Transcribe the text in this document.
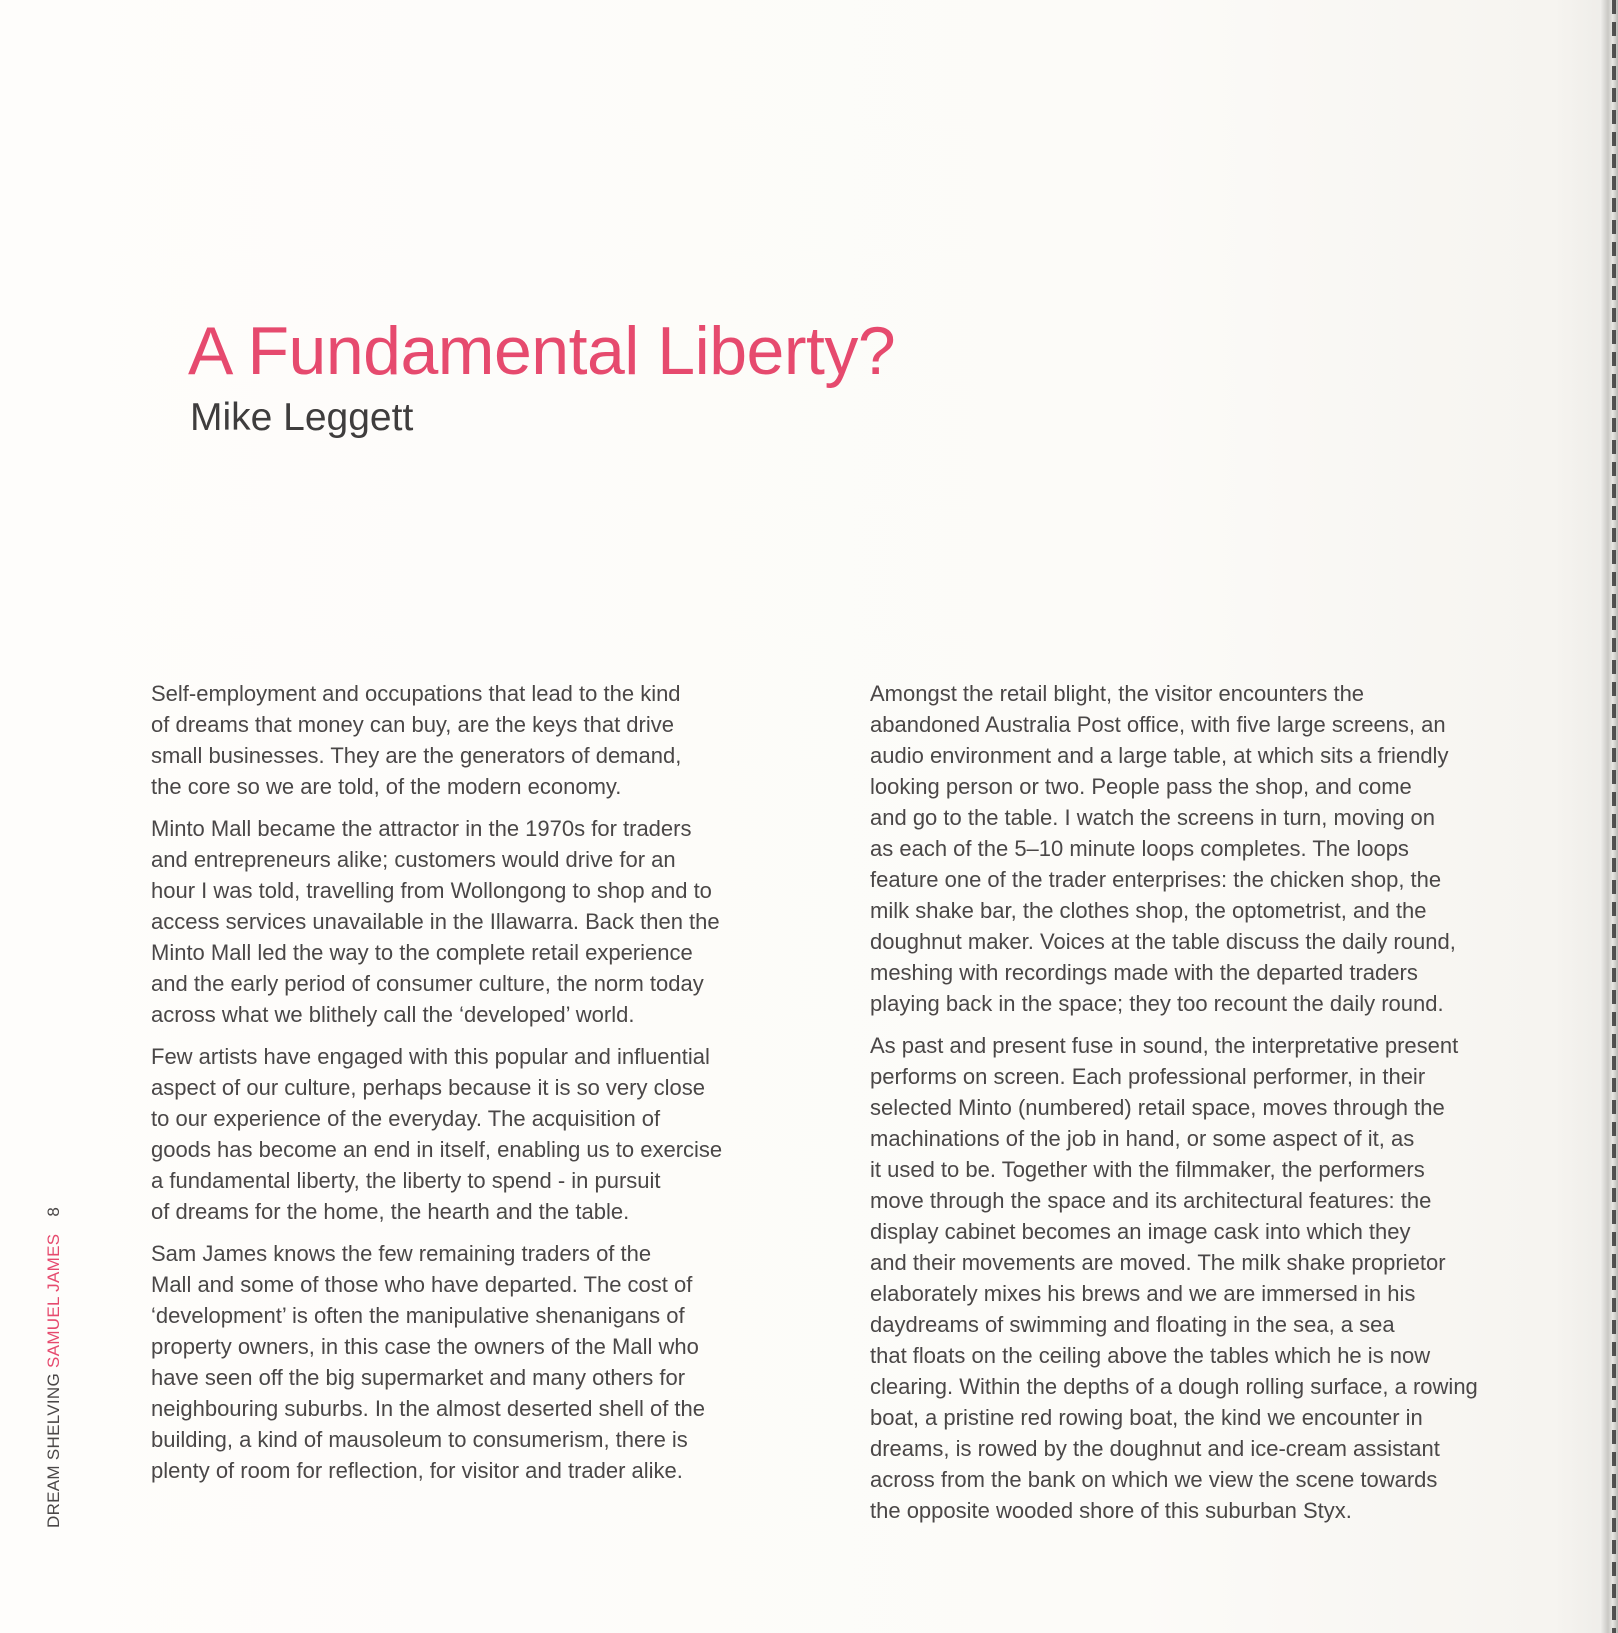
A Fundamental Liberty?
Mike Leggett

Self-employment and occupations that lead to the kind
of dreams that money can buy, are the keys that drive
small businesses. They are the generators of demand,
the core so we are told, of the modern economy.

Minto Mall became the attractor in the 1970s for traders
and entrepreneurs alike; customers would drive for an
hour I was told, travelling from Wollongong to shop and to
access services unavailable in the Illawarra. Back then the
Minto Mall led the way to the complete retail experience
and the early period of consumer culture, the norm today
across what we blithely call the ‘developed’ world.

Few artists have engaged with this popular and influential
aspect of our culture, perhaps because it is so very close
to our experience of the everyday. The acquisition of
goods has become an end in itself, enabling us to exercise
a fundamental liberty, the liberty to spend - in pursuit
of dreams for the home, the hearth and the table.

Sam James knows the few remaining traders of the
Mall and some of those who have departed. The cost of
‘development’ is often the manipulative shenanigans of
property owners, in this case the owners of the Mall who
have seen off the big supermarket and many others for
neighbouring suburbs. In the almost deserted shell of the
building, a kind of mausoleum to consumerism, there is
plenty of room for reflection, for visitor and trader alike.

Amongst the retail blight, the visitor encounters the
abandoned Australia Post office, with five large screens, an
audio environment and a large table, at which sits a friendly
looking person or two. People pass the shop, and come
and go to the table. I watch the screens in turn, moving on
as each of the 5–10 minute loops completes. The loops
feature one of the trader enterprises: the chicken shop, the
milk shake bar, the clothes shop, the optometrist, and the
doughnut maker. Voices at the table discuss the daily round,
meshing with recordings made with the departed traders
playing back in the space; they too recount the daily round.

As past and present fuse in sound, the interpretative present
performs on screen. Each professional performer, in their
selected Minto (numbered) retail space, moves through the
machinations of the job in hand, or some aspect of it, as
it used to be. Together with the filmmaker, the performers
move through the space and its architectural features: the
display cabinet becomes an image cask into which they
and their movements are moved. The milk shake proprietor
elaborately mixes his brews and we are immersed in his
daydreams of swimming and floating in the sea, a sea
that floats on the ceiling above the tables which he is now
clearing. Within the depths of a dough rolling surface, a rowing
boat, a pristine red rowing boat, the kind we encounter in
dreams, is rowed by the doughnut and ice-cream assistant
across from the bank on which we view the scene towards
the opposite wooded shore of this suburban Styx.

DREAM SHELVING SAMUEL JAMES 8
